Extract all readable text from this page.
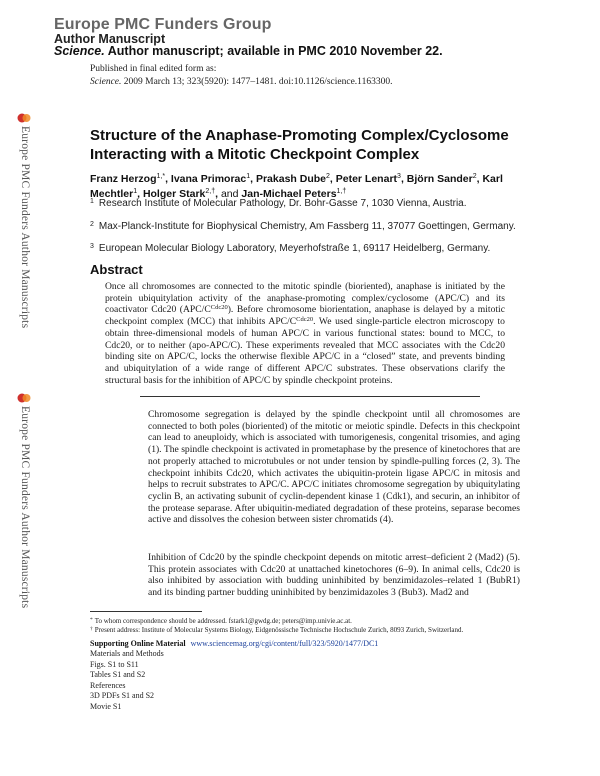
Europe PMC Funders Group
Author Manuscript
Science. Author manuscript; available in PMC 2010 November 22.
Published in final edited form as:
Science. 2009 March 13; 323(5920): 1477–1481. doi:10.1126/science.1163300.
Europe PMC Funders Author Manuscripts
Europe PMC Funders Author Manuscripts
Structure of the Anaphase-Promoting Complex/Cyclosome Interacting with a Mitotic Checkpoint Complex
Franz Herzog$^{1,*}$, Ivana Primorac$^1$, Prakash Dube$^2$, Peter Lenart$^3$, Björn Sander$^2$, Karl Mechtler$^1$, Holger Stark$^{2,\dagger}$, and Jan-Michael Peters$^{1,\dagger}$
$^1$ Research Institute of Molecular Pathology, Dr. Bohr-Gasse 7, 1030 Vienna, Austria.
$^2$ Max-Planck-Institute for Biophysical Chemistry, Am Fassberg 11, 37077 Goettingen, Germany.
$^3$ European Molecular Biology Laboratory, Meyerhofstraße 1, 69117 Heidelberg, Germany.
Abstract
Once all chromosomes are connected to the mitotic spindle (bioriented), anaphase is initiated by the protein ubiquitylation activity of the anaphase-promoting complex/cyclosome (APC/C) and its coactivator Cdc20 $(APC/C^{Cdc20})$. Before chromosome biorientation, anaphase is delayed by a mitotic checkpoint complex (MCC) that inhibits APC/$C^{Cdc20}$. We used single-particle electron microscopy to obtain three-dimensional models of human APC/C in various functional states: bound to MCC, to Cdc20, or to neither (apo-APC/C). These experiments revealed that MCC associates with the Cdc20 binding site on APC/C, locks the otherwise flexible APC/C in a “closed” state, and prevents binding and ubiquitylation of a wide range of different APC/C substrates. These observations clarify the structural basis for the inhibition of APC/C by spindle checkpoint proteins.
Chromosome segregation is delayed by the spindle checkpoint until all chromosomes are connected to both poles (bioriented) of the mitotic or meiotic spindle. Defects in this checkpoint can lead to aneuploidy, which is associated with tumorigenesis, congenital trisomies, and aging (1). The spindle checkpoint is activated in prometaphase by the presence of kinetochores that are not properly attached to microtubules or not under tension by spindle-pulling forces (2, 3). The checkpoint inhibits Cdc20, which activates the ubiquitin-protein ligase APC/C in mitosis and helps to recruit substrates to APC/C. APC/C initiates chromosome segregation by ubiquitylating cyclin B, an activating subunit of cyclin-dependent kinase 1 (Cdk1), and securin, an inhibitor of the protease separase. After ubiquitin-mediated degradation of these proteins, separase becomes active and dissolves the cohesion between sister chromatids (4).
Inhibition of Cdc20 by the spindle checkpoint depends on mitotic arrest–deficient 2 (Mad2) (5). This protein associates with Cdc20 at unattached kinetochores (6–9). In animal cells, Cdc20 is also inhibited by association with budding uninhibited by benzimidazoles–related 1 (BubR1) and its binding partner budding uninhibited by benzimidazoles 3 (Bub3). Mad2 and
* To whom correspondence should be addressed. fstark1@gwdg.de; peters@imp.univie.ac.at.
† Present address: Institute of Molecular Systems Biology, Eidgenössische Technische Hochschule Zurich, 8093 Zurich, Switzerland.
Supporting Online Material www.sciencemag.org/cgi/content/full/323/5920/1477/DC1
Materials and Methods
Figs. S1 to S11
Tables S1 and S2
References
3D PDFs S1 and S2
Movie S1
